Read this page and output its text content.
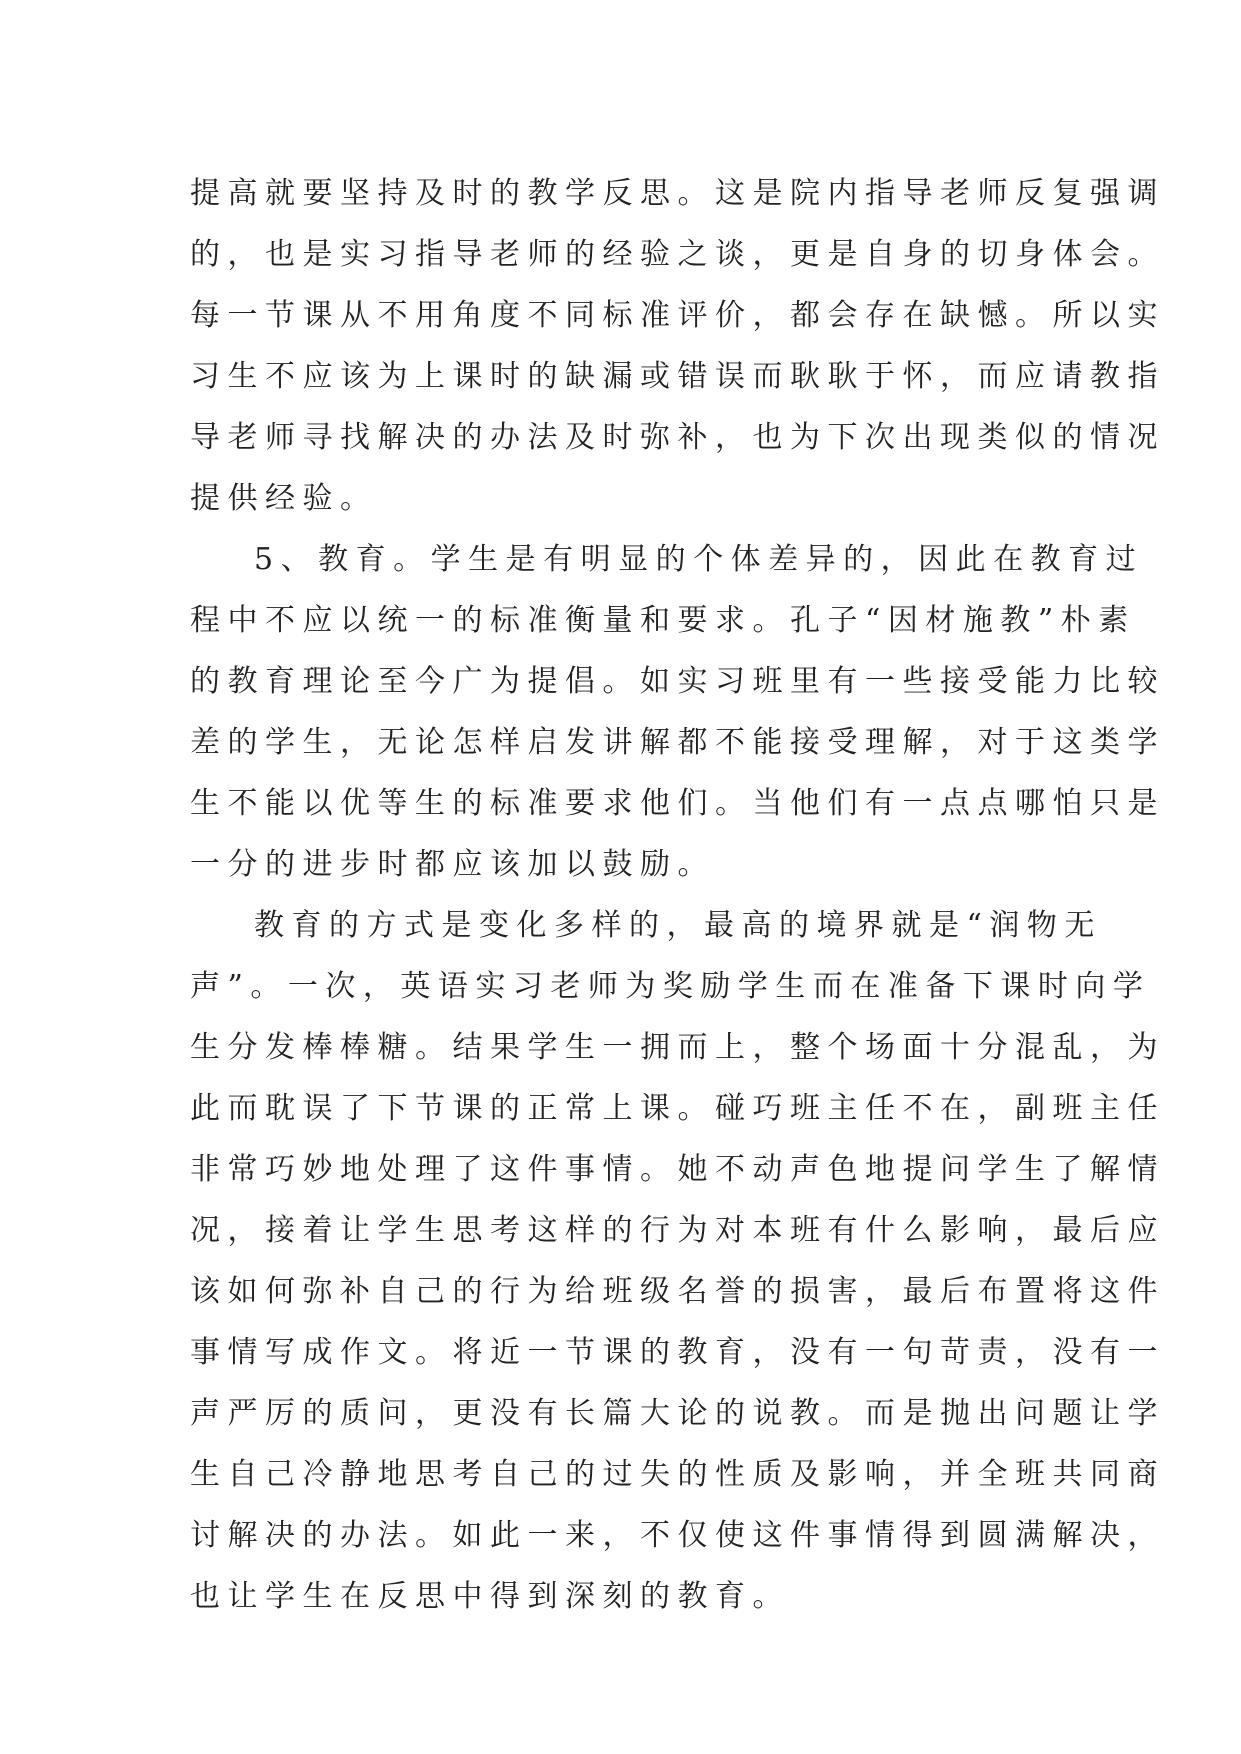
提高就要坚持及时的教学反思。这是院内指导老师反复强调
的，也是实习指导老师的经验之谈，更是自身的切身体会。
每一节课从不用角度不同标准评价，都会存在缺憾。所以实
习生不应该为上课时的缺漏或错误而耿耿于怀，而应请教指
导老师寻找解决的办法及时弥补，也为下次出现类似的情况
提供经验。
5、教育。学生是有明显的个体差异的，因此在教育过
程中不应以统一的标准衡量和要求。孔子“因材施教”朴素
的教育理论至今广为提倡。如实习班里有一些接受能力比较
差的学生，无论怎样启发讲解都不能接受理解，对于这类学
生不能以优等生的标准要求他们。当他们有一点点哪怕只是
一分的进步时都应该加以鼓励。
教育的方式是变化多样的，最高的境界就是“润物无
声”。一次，英语实习老师为奖励学生而在准备下课时向学
生分发棒棒糖。结果学生一拥而上，整个场面十分混乱，为
此而耽误了下节课的正常上课。碰巧班主任不在，副班主任
非常巧妙地处理了这件事情。她不动声色地提问学生了解情
况，接着让学生思考这样的行为对本班有什么影响，最后应
该如何弥补自己的行为给班级名誉的损害，最后布置将这件
事情写成作文。将近一节课的教育，没有一句苛责，没有一
声严厉的质问，更没有长篇大论的说教。而是抛出问题让学
生自己冷静地思考自己的过失的性质及影响，并全班共同商
讨解决的办法。如此一来，不仅使这件事情得到圆满解决，
也让学生在反思中得到深刻的教育。
